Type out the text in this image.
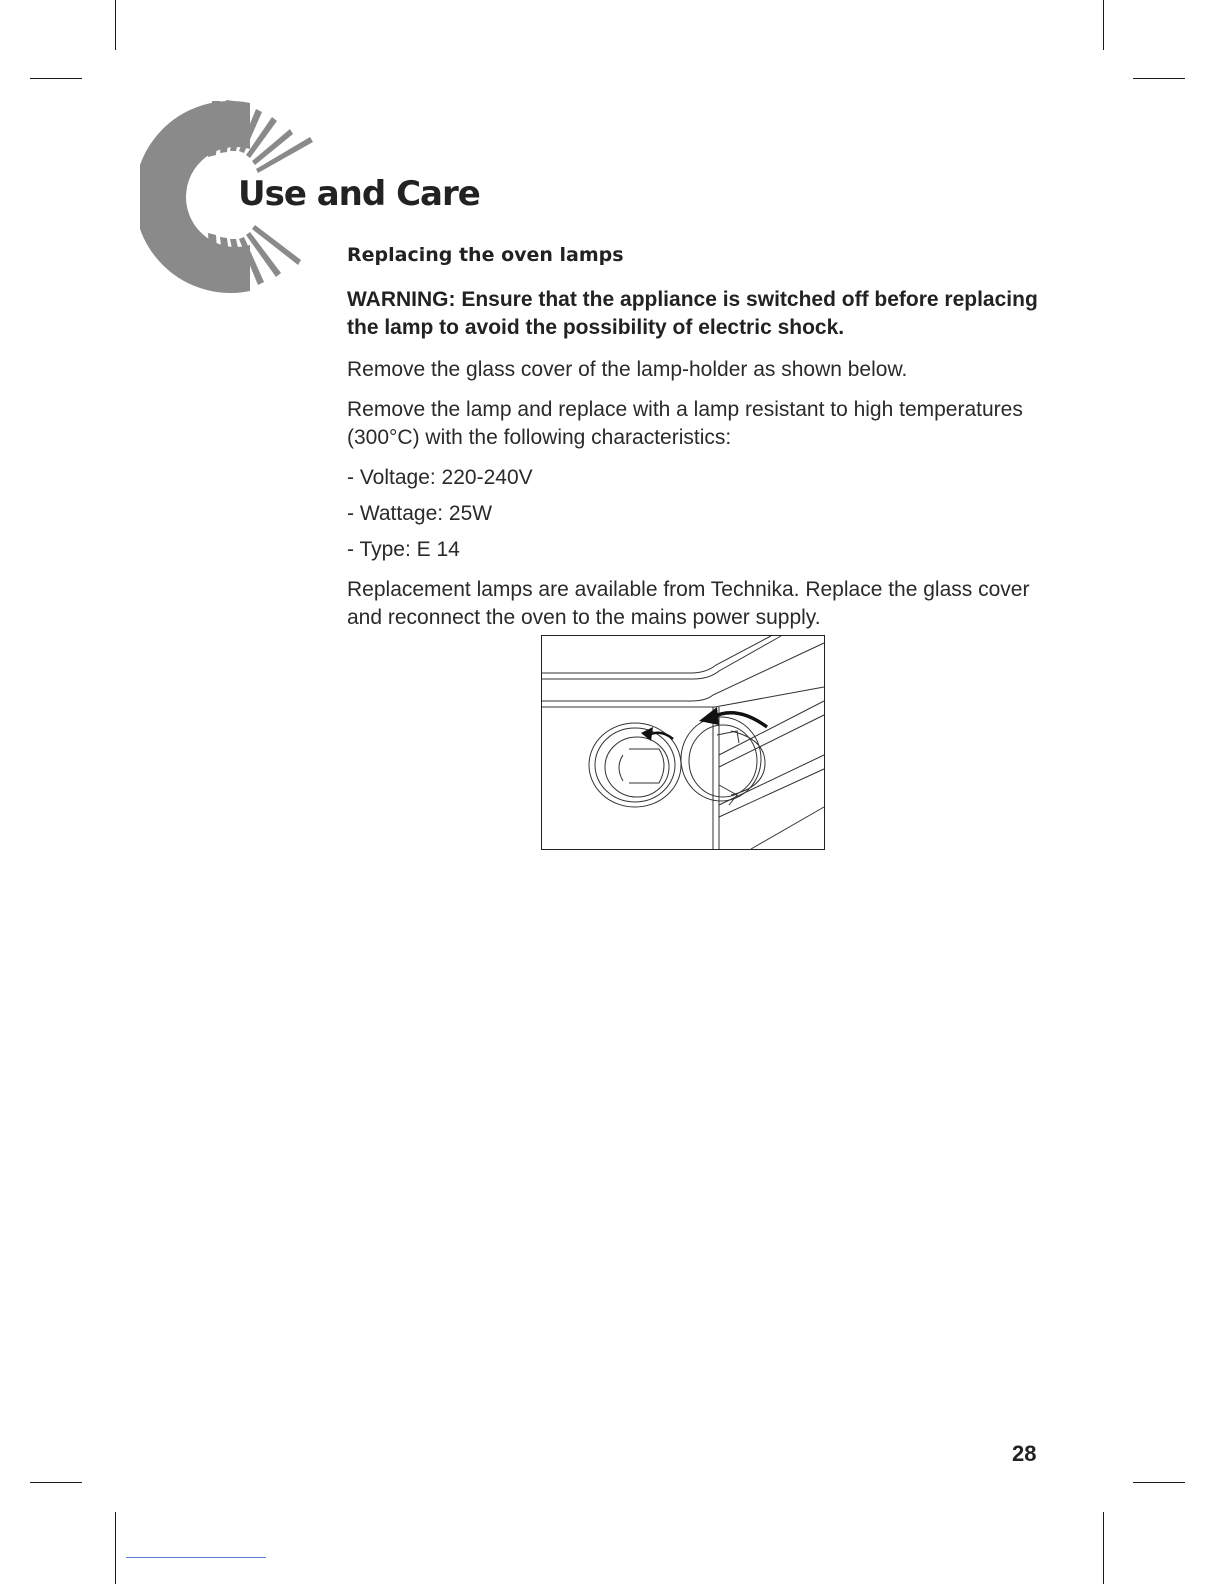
Use and Care
Replacing the oven lamps
WARNING: Ensure that the appliance is switched off before replacing the lamp to avoid the possibility of electric shock.
Remove the glass cover of the lamp-holder as shown below.
Remove the lamp and replace with a lamp resistant to high temperatures (300°C) with the following characteristics:
- Voltage: 220-240V
- Wattage: 25W
- Type: E 14
Replacement lamps are available from Technika. Replace the glass cover and reconnect the oven to the mains power supply.
28
